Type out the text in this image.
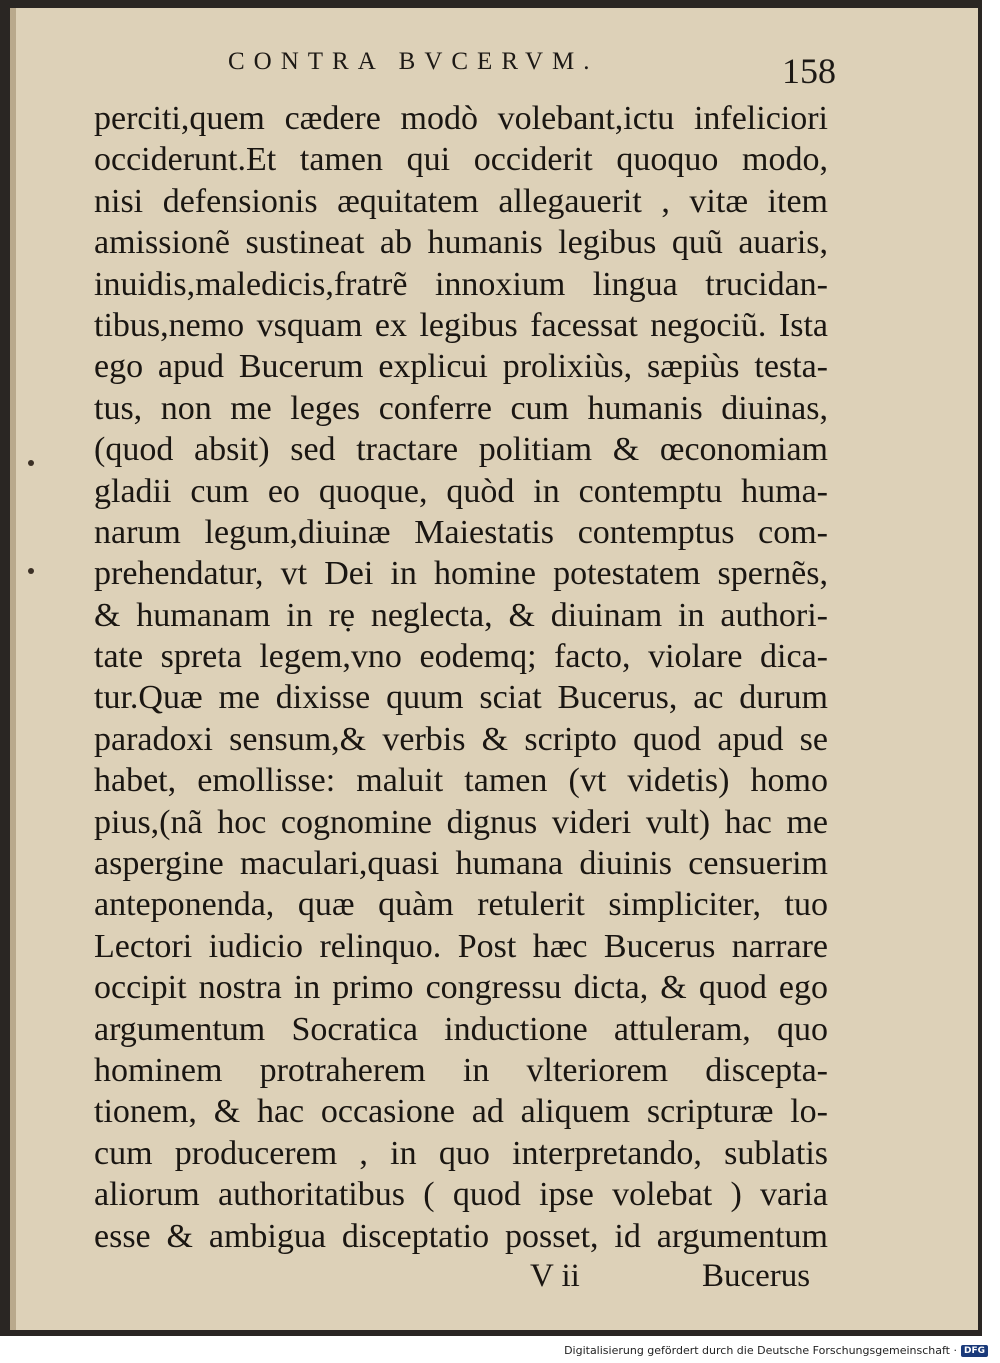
CONTRA BVCERVM.	158
perciti,quem cædere modò volebant,ictu infeliciori
occiderunt.Et tamen qui occiderit quoquo modo,
nisi defensionis æquitatem allegauerit , vitæ item
amissionẽ sustineat ab humanis legibus quũ auaris,
inuidis,maledicis,fratrẽ innoxium lingua trucidan-
tibus,nemo vsquam ex legibus facessat negociũ. Ista
ego apud Bucerum explicui prolixiùs, sæpiùs testa-
tus, non me leges conferre cum humanis diuinas,
(quod absit) sed tractare politiam & œconomiam
gladii cum eo quoque, quòd in contemptu huma-
narum legum,diuinæ Maiestatis contemptus com-
prehendatur, vt Dei in homine potestatem spernẽs,
& humanam in rẹ neglecta, & diuinam in authori-
tate spreta legem,vno eodemq; facto, violare dica-
tur.Quæ me dixisse quum sciat Bucerus, ac durum
paradoxi sensum,& verbis & scripto quod apud se
habet, emollisse: maluit tamen (vt videtis) homo
pius,(nã hoc cognomine dignus videri vult) hac me
aspergine maculari,quasi humana diuinis censuerim
anteponenda, quæ quàm retulerit simpliciter, tuo
Lectori iudicio relinquo. Post hæc Bucerus narrare
occipit nostra in primo congressu dicta, & quod ego
argumentum Socratica inductione attuleram, quo
hominem protraherem in vlteriorem disceptа-
tionem, & hac occasione ad aliquem scripturæ lo-
cum producerem , in quo interpretando, sublatis
aliorum authoritatibus ( quod ipse volebat ) varia
esse & ambigua disceptatio posset, id argumentum
V ii	Bucerus
Digitalisierung gefördert durch die Deutsche Forschungsgemeinschaft · DFG
